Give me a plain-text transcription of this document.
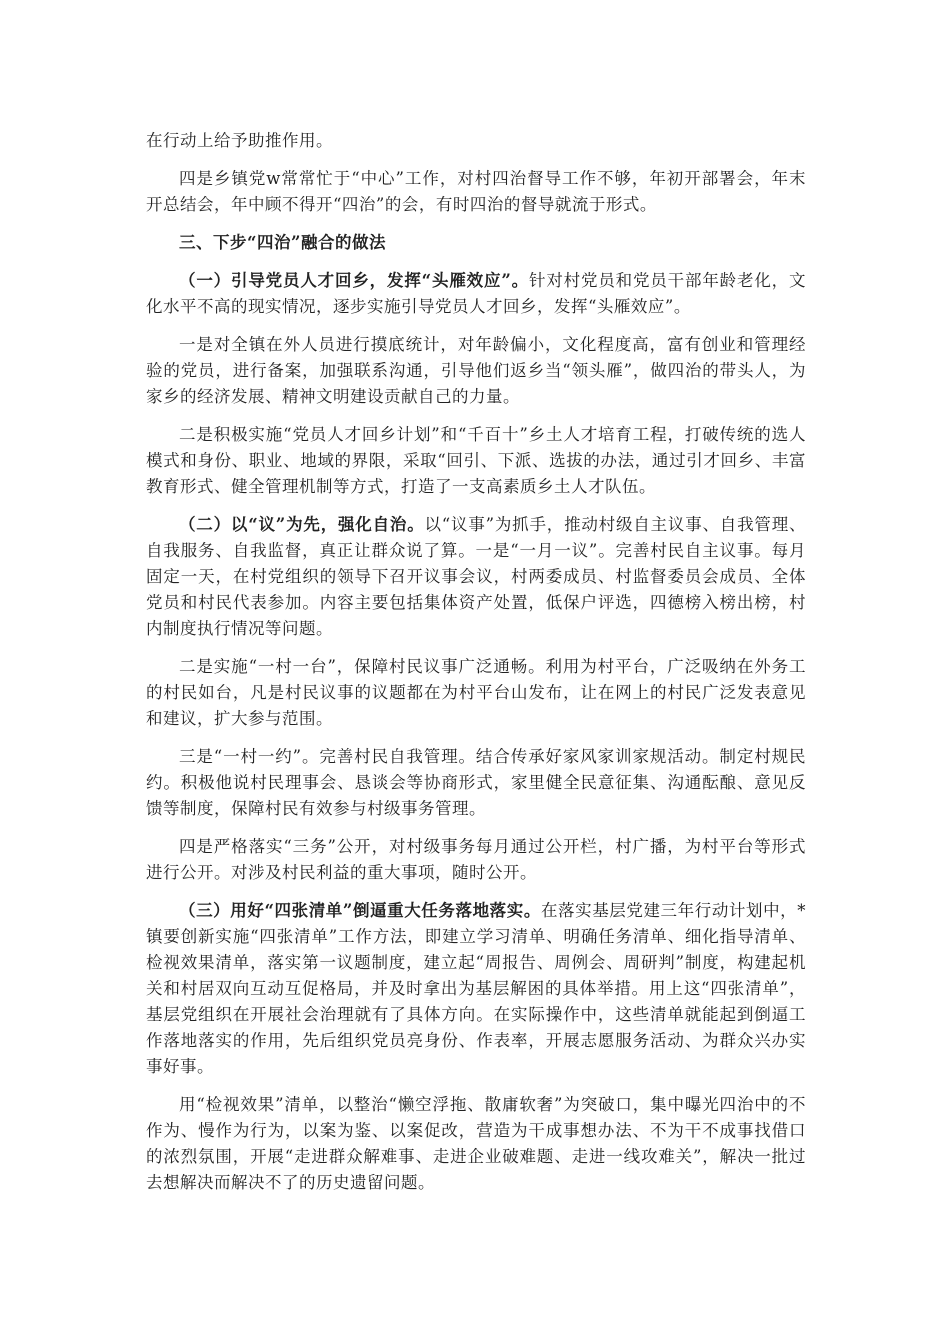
在行动上给予助推作用。

四是乡镇党w常常忙于“中心”工作，对村四治督导工作不够，年初开部署会，年末开总结会，年中顾不得开“四治”的会，有时四治的督导就流于形式。

三、下步“四治”融合的做法

（一）引导党员人才回乡，发挥“头雁效应”。针对村党员和党员干部年龄老化，文化水平不高的现实情况，逐步实施引导党员人才回乡，发挥“头雁效应”。

一是对全镇在外人员进行摸底统计，对年龄偏小，文化程度高，富有创业和管理经验的党员，进行备案，加强联系沟通，引导他们返乡当“领头雁”，做四治的带头人，为家乡的经济发展、精神文明建设贡献自己的力量。

二是积极实施“党员人才回乡计划”和“千百十”乡土人才培育工程，打破传统的选人模式和身份、职业、地域的界限，采取“回引、下派、选拔的办法，通过引才回乡、丰富教育形式、健全管理机制等方式，打造了一支高素质乡土人才队伍。

（二）以“议”为先，强化自治。以“议事”为抓手，推动村级自主议事、自我管理、自我服务、自我监督，真正让群众说了算。一是“一月一议”。完善村民自主议事。每月固定一天，在村党组织的领导下召开议事会议，村两委成员、村监督委员会成员、全体党员和村民代表参加。内容主要包括集体资产处置，低保户评选，四德榜入榜出榜，村内制度执行情况等问题。

二是实施“一村一台”，保障村民议事广泛通畅。利用为村平台，广泛吸纳在外务工的村民如台，凡是村民议事的议题都在为村平台山发布，让在网上的村民广泛发表意见和建议，扩大参与范围。

三是“一村一约”。完善村民自我管理。结合传承好家风家训家规活动。制定村规民约。积极他说村民理事会、恳谈会等协商形式，家里健全民意征集、沟通酝酿、意见反馈等制度，保障村民有效参与村级事务管理。

四是严格落实“三务”公开，对村级事务每月通过公开栏，村广播，为村平台等形式进行公开。对涉及村民利益的重大事项，随时公开。

（三）用好“四张清单”倒逼重大任务落地落实。在落实基层党建三年行动计划中，*镇要创新实施“四张清单”工作方法，即建立学习清单、明确任务清单、细化指导清单、检视效果清单，落实第一议题制度，建立起“周报告、周例会、周研判”制度，构建起机关和村居双向互动互促格局，并及时拿出为基层解困的具体举措。用上这“四张清单”，基层党组织在开展社会治理就有了具体方向。在实际操作中，这些清单就能起到倒逼工作落地落实的作用，先后组织党员亮身份、作表率，开展志愿服务活动、为群众兴办实事好事。

用“检视效果”清单，以整治“懒空浮拖、散庸软奢”为突破口，集中曝光四治中的不作为、慢作为行为，以案为鉴、以案促改，营造为干成事想办法、不为干不成事找借口的浓烈氛围，开展“走进群众解难事、走进企业破难题、走进一线攻难关”，解决一批过去想解决而解决不了的历史遗留问题。
